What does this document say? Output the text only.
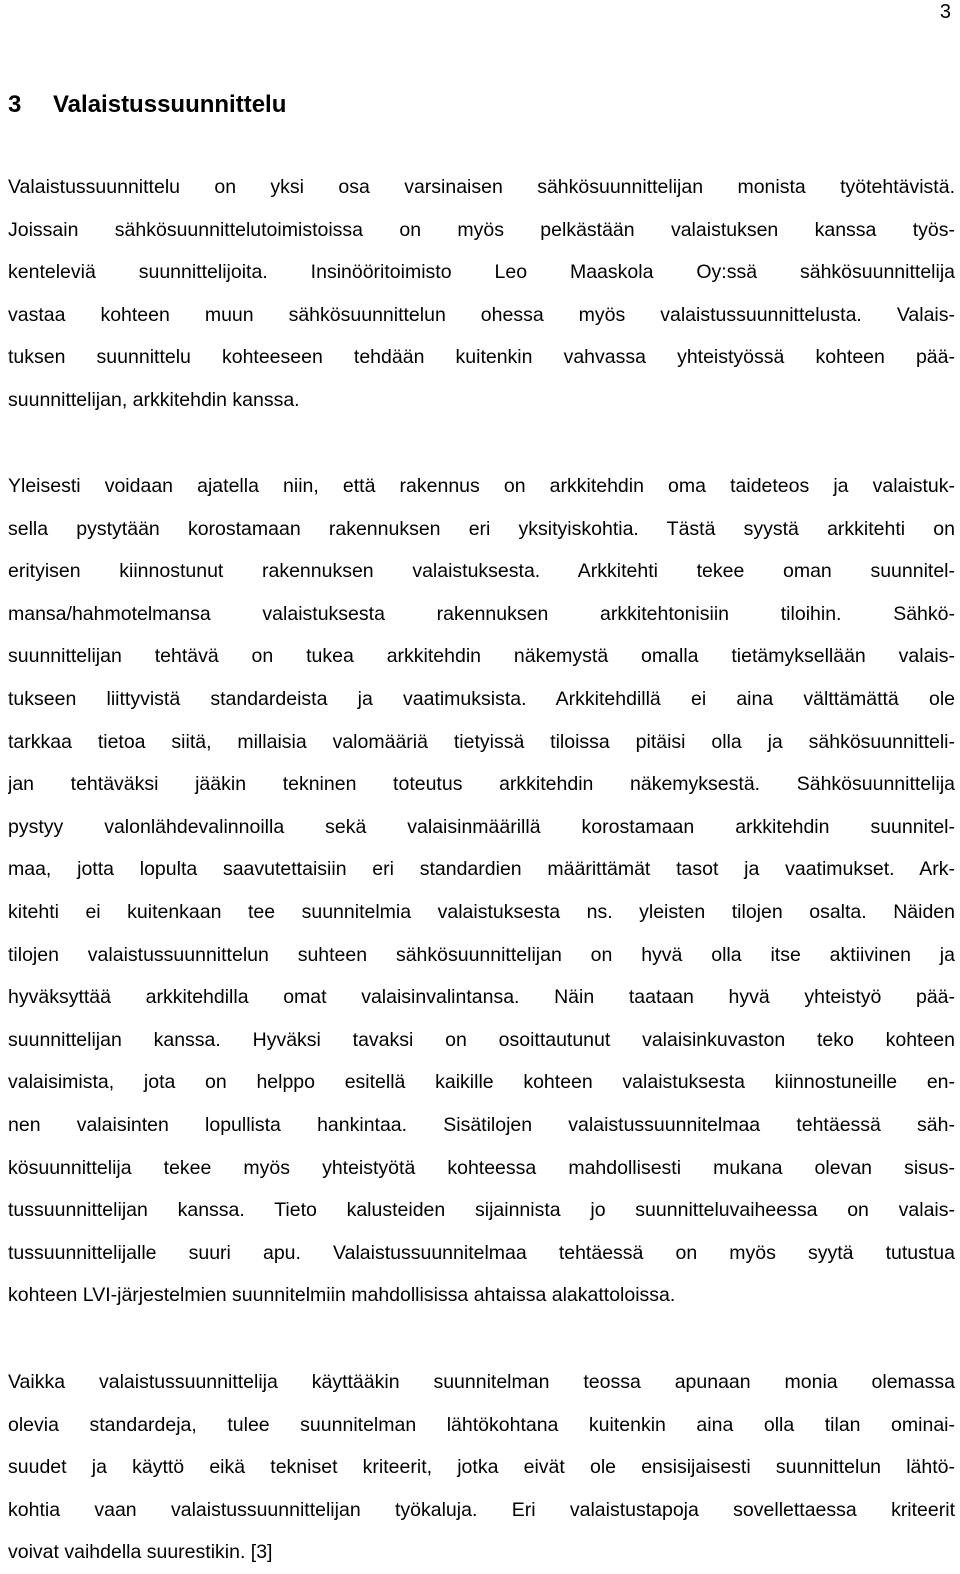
3
3 Valaistussuunnittelu
Valaistussuunnittelu on yksi osa varsinaisen sähkösuunnittelijan monista työtehtävistä.
Joissain sähkösuunnittelutoimistoissa on myös pelkästään valaistuksen kanssa työs-
kenteleviä suunnittelijoita. Insinööritoimisto Leo Maaskola Oy:ssä sähkösuunnittelija
vastaa kohteen muun sähkösuunnittelun ohessa myös valaistussuunnittelusta. Valais-
tuksen suunnittelu kohteeseen tehdään kuitenkin vahvassa yhteistyössä kohteen pää-
suunnittelijan, arkkitehdin kanssa.
Yleisesti voidaan ajatella niin, että rakennus on arkkitehdin oma taideteos ja valaistuk-
sella pystytään korostamaan rakennuksen eri yksityiskohtia. Tästä syystä arkkitehti on
erityisen kiinnostunut rakennuksen valaistuksesta. Arkkitehti tekee oman suunnitel-
mansa/hahmotelmansa valaistuksesta rakennuksen arkkitehtonisiin tiloihin. Sähkö-
suunnittelijan tehtävä on tukea arkkitehdin näkemystä omalla tietämyksellään valais-
tukseen liittyvistä standardeista ja vaatimuksista. Arkkitehdillä ei aina välttämättä ole
tarkkaa tietoa siitä, millaisia valomääriä tietyissä tiloissa pitäisi olla ja sähkösuunnitteli-
jan tehtäväksi jääkin tekninen toteutus arkkitehdin näkemyksestä. Sähkösuunnittelija
pystyy valonlähdevalinnoilla sekä valaisinmäärillä korostamaan arkkitehdin suunnitel-
maa, jotta lopulta saavutettaisiin eri standardien määrittämät tasot ja vaatimukset. Ark-
kitehti ei kuitenkaan tee suunnitelmia valaistuksesta ns. yleisten tilojen osalta. Näiden
tilojen valaistussuunnittelun suhteen sähkösuunnittelijan on hyvä olla itse aktiivinen ja
hyväksyttää arkkitehdilla omat valaisinvalintansa. Näin taataan hyvä yhteistyö pää-
suunnittelijan kanssa. Hyväksi tavaksi on osoittautunut valaisinkuvaston teko kohteen
valaisimista, jota on helppo esitellä kaikille kohteen valaistuksesta kiinnostuneille en-
nen valaisinten lopullista hankintaa. Sisätilojen valaistussuunnitelmaa tehtäessä säh-
kösuunnittelija tekee myös yhteistyötä kohteessa mahdollisesti mukana olevan sisus-
tussuunnittelijan kanssa. Tieto kalusteiden sijainnista jo suunnitteluvaiheessa on valais-
tussuunnittelijalle suuri apu. Valaistussuunnitelmaa tehtäessä on myös syytä tutustua
kohteen LVI-järjestelmien suunnitelmiin mahdollisissa ahtaissa alakattoloissa.
Vaikka valaistussuunnittelija käyttääkin suunnitelman teossa apunaan monia olemassa
olevia standardeja, tulee suunnitelman lähtökohtana kuitenkin aina olla tilan ominai-
suudet ja käyttö eikä tekniset kriteerit, jotka eivät ole ensisijaisesti suunnittelun lähtö-
kohtia vaan valaistussuunnittelijan työkaluja. Eri valaistustapoja sovellettaessa kriteerit
voivat vaihdella suurestikin. [3]
